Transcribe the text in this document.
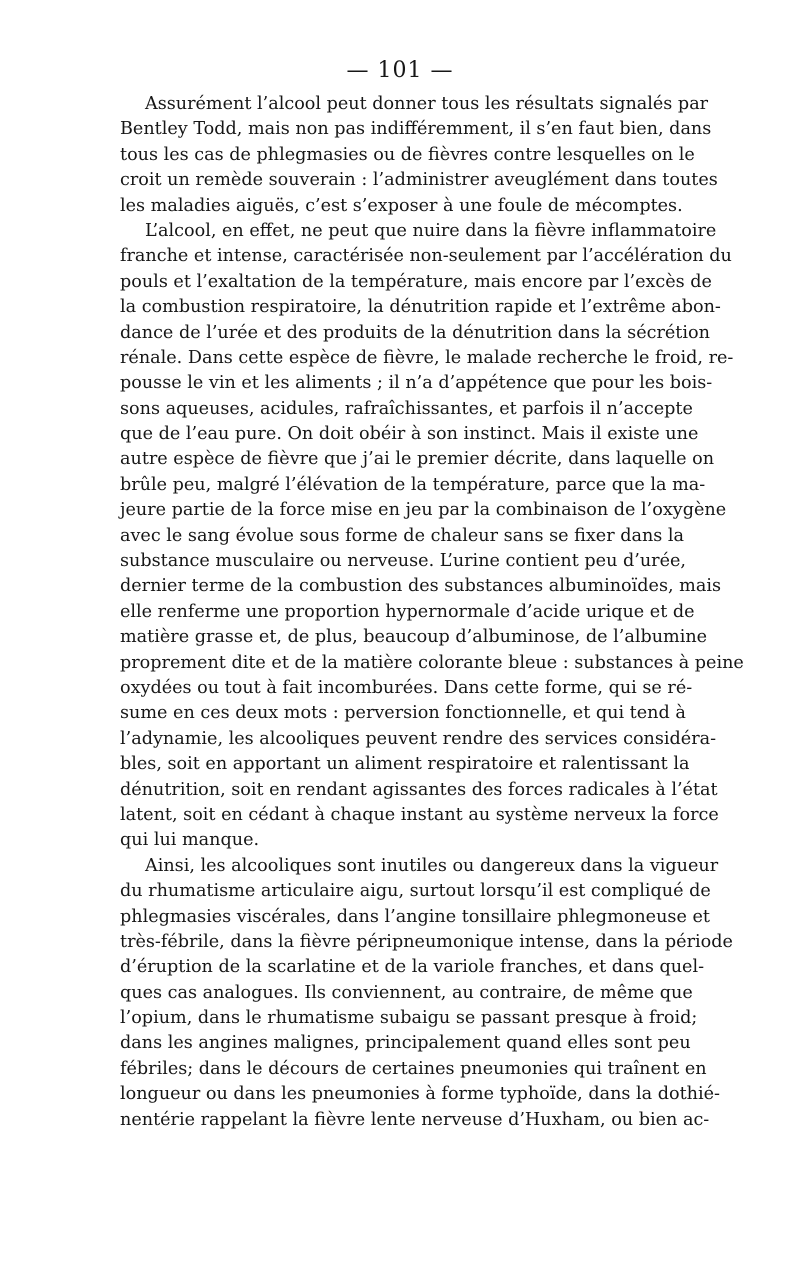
— 101 —
Assurément l’alcool peut donner tous les résultats signalés par
Bentley Todd, mais non pas indifféremment, il s’en faut bien, dans
tous les cas de phlegmasies ou de fièvres contre lesquelles on le
croit un remède souverain : l’administrer aveuglément dans toutes
les maladies aiguës, c’est s’exposer à une foule de mécomptes.
L’alcool, en effet, ne peut que nuire dans la fièvre inflammatoire
franche et intense, caractérisée non-seulement par l’accélération du
pouls et l’exaltation de la température, mais encore par l’excès de
la combustion respiratoire, la dénutrition rapide et l’extrême abon-
dance de l’urée et des produits de la dénutrition dans la sécrétion
rénale. Dans cette espèce de fièvre, le malade recherche le froid, re-
pousse le vin et les aliments ; il n’a d’appétence que pour les bois-
sons aqueuses, acidules, rafraîchissantes, et parfois il n’accepte
que de l’eau pure. On doit obéir à son instinct. Mais il existe une
autre espèce de fièvre que j’ai le premier décrite, dans laquelle on
brûle peu, malgré l’élévation de la température, parce que la ma-
jeure partie de la force mise en jeu par la combinaison de l’oxygène
avec le sang évolue sous forme de chaleur sans se fixer dans la
substance musculaire ou nerveuse. L’urine contient peu d’urée,
dernier terme de la combustion des substances albuminoïdes, mais
elle renferme une proportion hypernormale d’acide urique et de
matière grasse et, de plus, beaucoup d’albuminose, de l’albumine
proprement dite et de la matière colorante bleue : substances à peine
oxydées ou tout à fait incomburées. Dans cette forme, qui se ré-
sume en ces deux mots : perversion fonctionnelle, et qui tend à
l’adynamie, les alcooliques peuvent rendre des services considéra-
bles, soit en apportant un aliment respiratoire et ralentissant la
dénutrition, soit en rendant agissantes des forces radicales à l’état
latent, soit en cédant à chaque instant au système nerveux la force
qui lui manque.
Ainsi, les alcooliques sont inutiles ou dangereux dans la vigueur
du rhumatisme articulaire aigu, surtout lorsqu’il est compliqué de
phlegmasies viscérales, dans l’angine tonsillaire phlegmoneuse et
très-fébrile, dans la fièvre péripneumonique intense, dans la période
d’éruption de la scarlatine et de la variole franches, et dans quel-
ques cas analogues. Ils conviennent, au contraire, de même que
l’opium, dans le rhumatisme subaigu se passant presque à froid;
dans les angines malignes, principalement quand elles sont peu
fébriles; dans le décours de certaines pneumonies qui traînent en
longueur ou dans les pneumonies à forme typhoïde, dans la dothié-
nentérie rappelant la fièvre lente nerveuse d’Huxham, ou bien ac-
